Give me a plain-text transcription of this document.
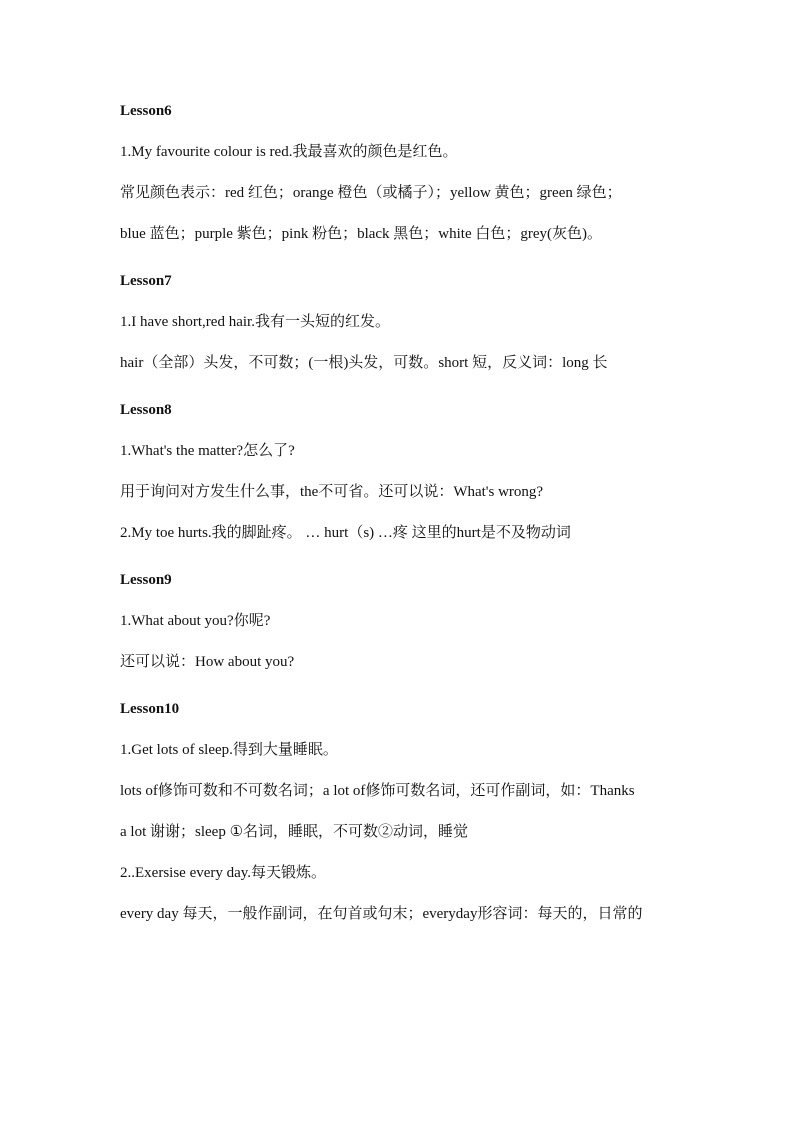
Lesson6
1.My favourite colour is red.我最喜欢的颜色是红色。
常见颜色表示：red 红色；orange 橙色（或橘子）；yellow 黄色；green 绿色；
blue 蓝色；purple 紫色；pink 粉色；black 黑色；white 白色；grey(灰色)。
Lesson7
1.I have short,red hair.我有一头短的红发。
hair（全部）头发，不可数；(一根)头发，可数。short 短，反义词：long 长
Lesson8
1.What's the matter?怎么了?
用于询问对方发生什么事，the不可省。还可以说：What's wrong?
2.My toe hurts.我的脚趾疼。 … hurt（s) …疼 这里的hurt是不及物动词
Lesson9
1.What about you?你呢?
还可以说：How about you?
Lesson10
1.Get lots of sleep.得到大量睡眠。
lots of修饰可数和不可数名词；a lot of修饰可数名词，还可作副词，如：Thanks
a lot 谢谢；sleep ①名词，睡眠，不可数②动词，睡觉
2..Exersise every day.每天锻炼。
every day 每天，一般作副词，在句首或句末；everyday形容词：每天的，日常的
